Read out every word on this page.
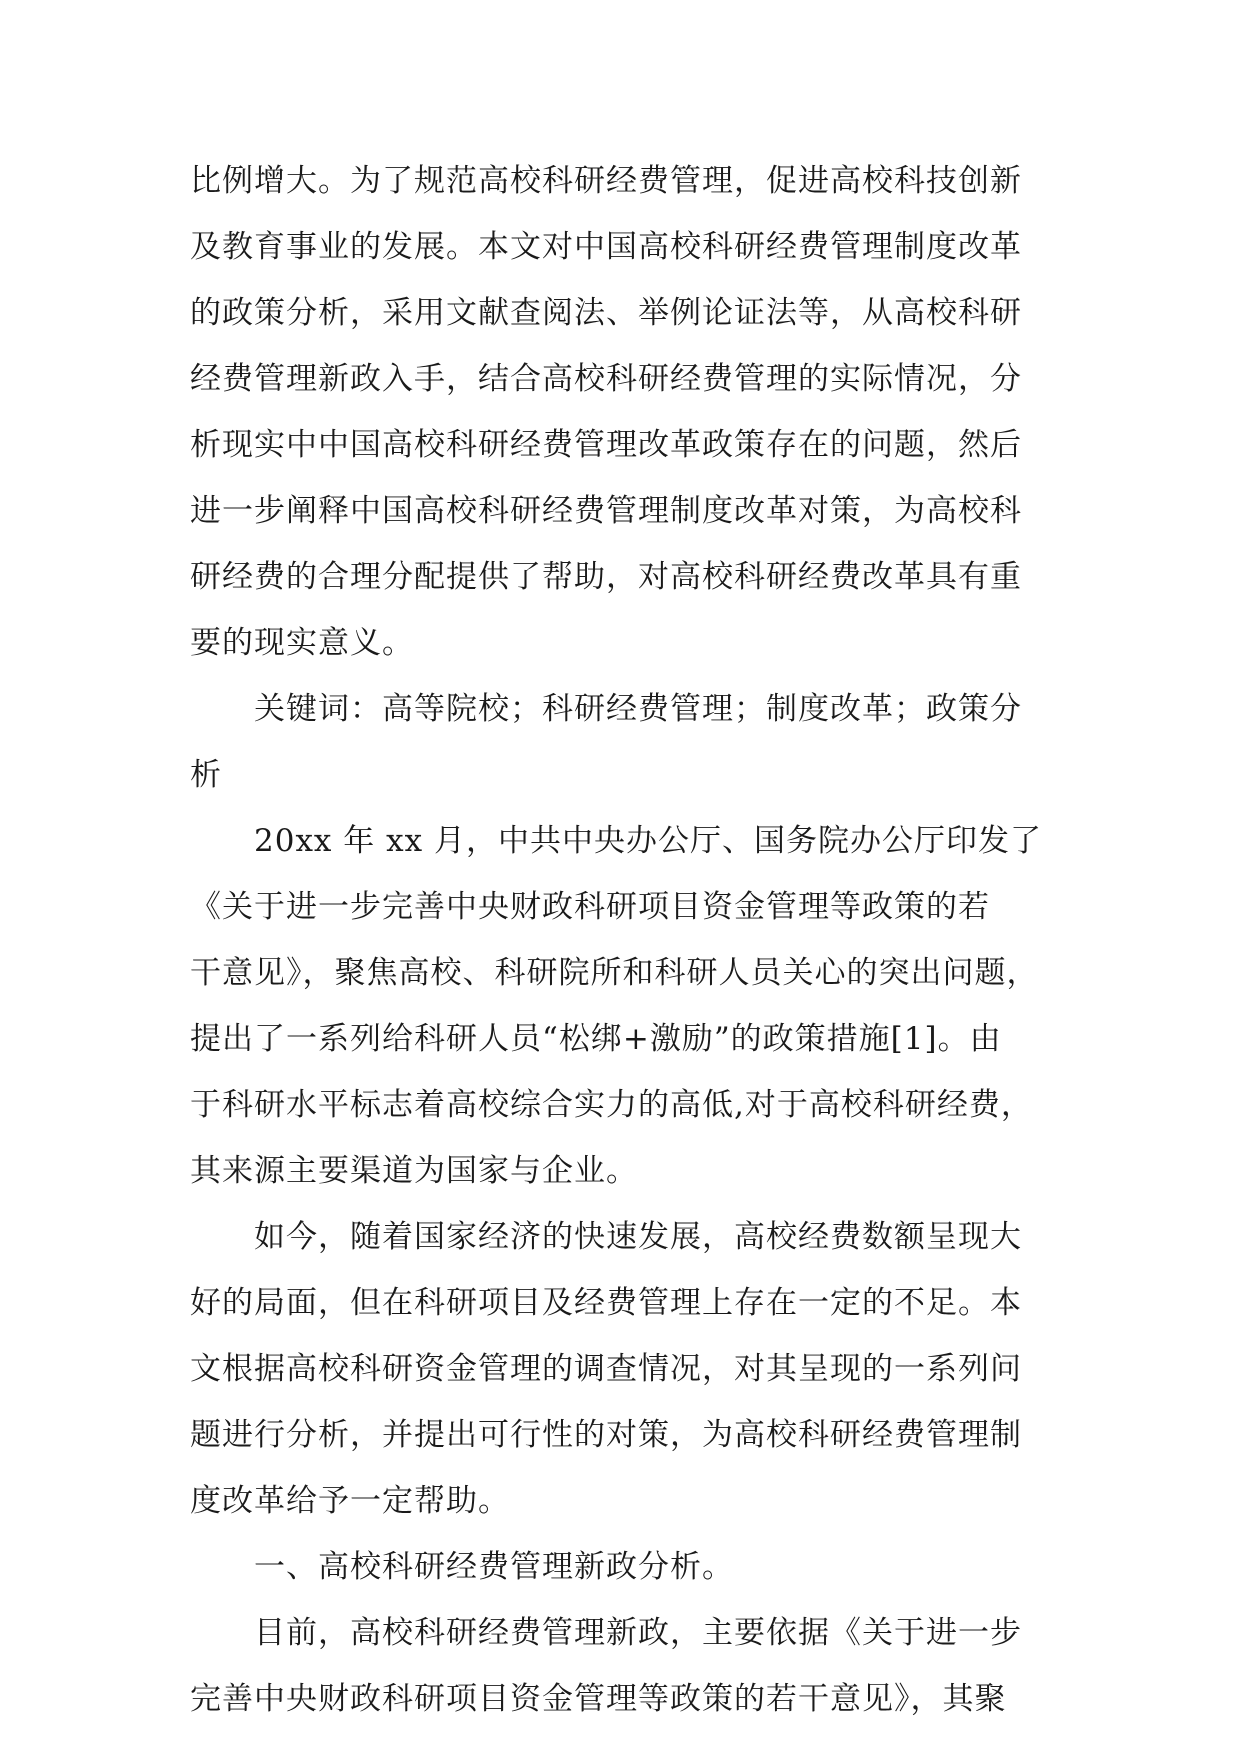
比例增大。为了规范高校科研经费管理，促进高校科技创新
及教育事业的发展。本文对中国高校科研经费管理制度改革
的政策分析，采用文献查阅法、举例论证法等，从高校科研
经费管理新政入手，结合高校科研经费管理的实际情况，分
析现实中中国高校科研经费管理改革政策存在的问题，然后
进一步阐释中国高校科研经费管理制度改革对策，为高校科
研经费的合理分配提供了帮助，对高校科研经费改革具有重
要的现实意义。
关键词：高等院校；科研经费管理；制度改革；政策分
析
20xx 年 xx 月，中共中央办公厅、国务院办公厅印发了
《关于进一步完善中央财政科研项目资金管理等政策的若
干意见》，聚焦高校、科研院所和科研人员关心的突出问题，
提出了一系列给科研人员“松绑+激励”的政策措施[1]。由
于科研水平标志着高校综合实力的高低,对于高校科研经费，
其来源主要渠道为国家与企业。
如今，随着国家经济的快速发展，高校经费数额呈现大
好的局面，但在科研项目及经费管理上存在一定的不足。本
文根据高校科研资金管理的调查情况，对其呈现的一系列问
题进行分析，并提出可行性的对策，为高校科研经费管理制
度改革给予一定帮助。
一、高校科研经费管理新政分析。
目前，高校科研经费管理新政，主要依据《关于进一步
完善中央财政科研项目资金管理等政策的若干意见》，其聚
